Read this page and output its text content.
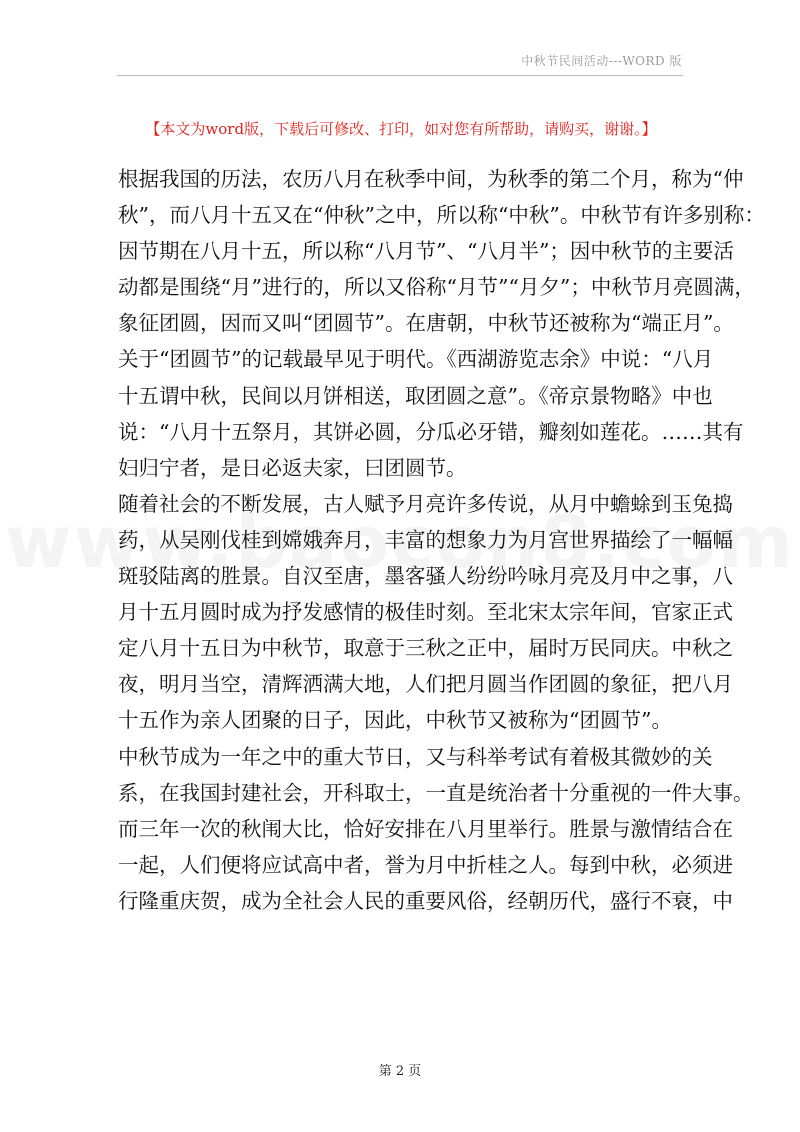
中秋节民间活动---WORD 版
【本文为word版，下载后可修改、打印，如对您有所帮助，请购买，谢谢。】
根据我国的历法，农历八月在秋季中间，为秋季的第二个月，称为“仲
秋”，而八月十五又在“仲秋”之中，所以称“中秋”。中秋节有许多别称：
因节期在八月十五，所以称“八月节”、“八月半”；因中秋节的主要活
动都是围绕“月”进行的，所以又俗称“月节”“月夕”；中秋节月亮圆满，
象征团圆，因而又叫“团圆节”。在唐朝，中秋节还被称为“端正月”。
关于“团圆节”的记载最早见于明代。《西湖游览志余》中说：“八月
十五谓中秋，民间以月饼相送，取团圆之意”。《帝京景物略》中也
说：“八月十五祭月，其饼必圆，分瓜必牙错，瓣刻如莲花。……其有
妇归宁者，是日必返夫家，曰团圆节。
随着社会的不断发展，古人赋予月亮许多传说，从月中蟾蜍到玉兔捣
药，从吴刚伐桂到嫦娥奔月，丰富的想象力为月宫世界描绘了一幅幅
斑驳陆离的胜景。自汉至唐，墨客骚人纷纷吟咏月亮及月中之事，八
月十五月圆时成为抒发感情的极佳时刻。至北宋太宗年间，官家正式
定八月十五日为中秋节，取意于三秋之正中，届时万民同庆。中秋之
夜，明月当空，清辉洒满大地，人们把月圆当作团圆的象征，把八月
十五作为亲人团聚的日子，因此，中秋节又被称为“团圆节”。
中秋节成为一年之中的重大节日，又与科举考试有着极其微妙的关
系，在我国封建社会，开科取士，一直是统治者十分重视的一件大事。
而三年一次的秋闱大比，恰好安排在八月里举行。胜景与激情结合在
一起，人们便将应试高中者，誉为月中折桂之人。每到中秋，必须进
行隆重庆贺，成为全社会人民的重要风俗，经朝历代，盛行不衰，中
第 2 页
